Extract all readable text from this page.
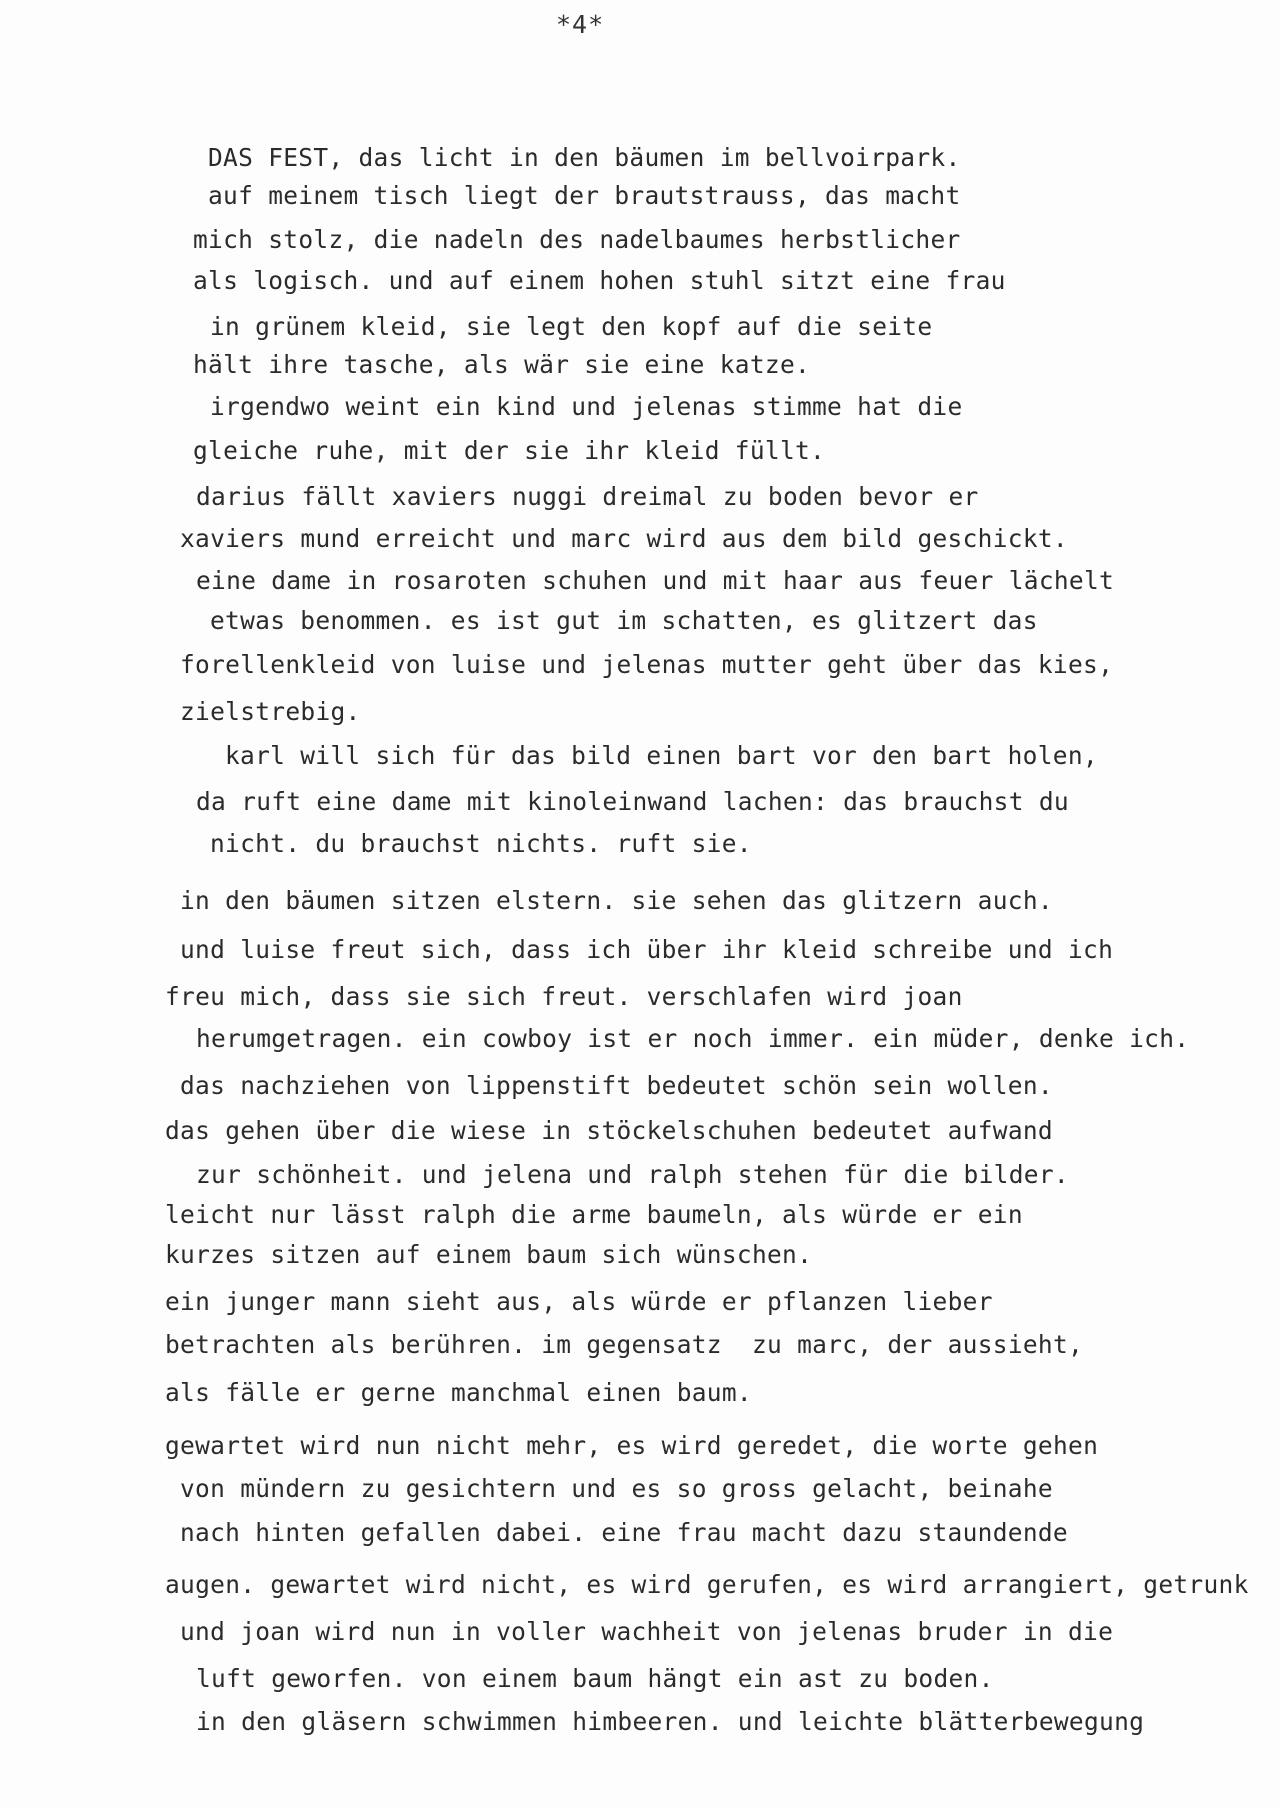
*4*
DAS FEST, das licht in den bäumen im bellvoirpark.
auf meinem tisch liegt der brautstrauss, das macht
mich stolz, die nadeln des nadelbaumes herbstlicher
als logisch. und auf einem hohen stuhl sitzt eine frau
in grünem kleid, sie legt den kopf auf die seite
hält ihre tasche, als wär sie eine katze.
irgendwo weint ein kind und jelenas stimme hat die
gleiche ruhe, mit der sie ihr kleid füllt.
darius fällt xaviers nuggi dreimal zu boden bevor er
xaviers mund erreicht und marc wird aus dem bild geschickt.
eine dame in rosaroten schuhen und mit haar aus feuer lächelt
etwas benommen. es ist gut im schatten, es glitzert das
forellenkleid von luise und jelenas mutter geht über das kies,
zielstrebig.
karl will sich für das bild einen bart vor den bart holen,
da ruft eine dame mit kinoleinwand lachen: das brauchst du
nicht. du brauchst nichts. ruft sie.
in den bäumen sitzen elstern. sie sehen das glitzern auch.
und luise freut sich, dass ich über ihr kleid schreibe und ich
freu mich, dass sie sich freut. verschlafen wird joan
herumgetragen. ein cowboy ist er noch immer. ein müder, denke ich.
das nachziehen von lippenstift bedeutet schön sein wollen.
das gehen über die wiese in stöckelschuhen bedeutet aufwand
zur schönheit. und jelena und ralph stehen für die bilder.
leicht nur lässt ralph die arme baumeln, als würde er ein
kurzes sitzen auf einem baum sich wünschen.
ein junger mann sieht aus, als würde er pflanzen lieber
betrachten als berühren. im gegensatz  zu marc, der aussieht,
als fälle er gerne manchmal einen baum.
gewartet wird nun nicht mehr, es wird geredet, die worte gehen
von mündern zu gesichtern und es so gross gelacht, beinahe
nach hinten gefallen dabei. eine frau macht dazu staundende
augen. gewartet wird nicht, es wird gerufen, es wird arrangiert, getrunk
und joan wird nun in voller wachheit von jelenas bruder in die
luft geworfen. von einem baum hängt ein ast zu boden.
in den gläsern schwimmen himbeeren. und leichte blätterbewegung
